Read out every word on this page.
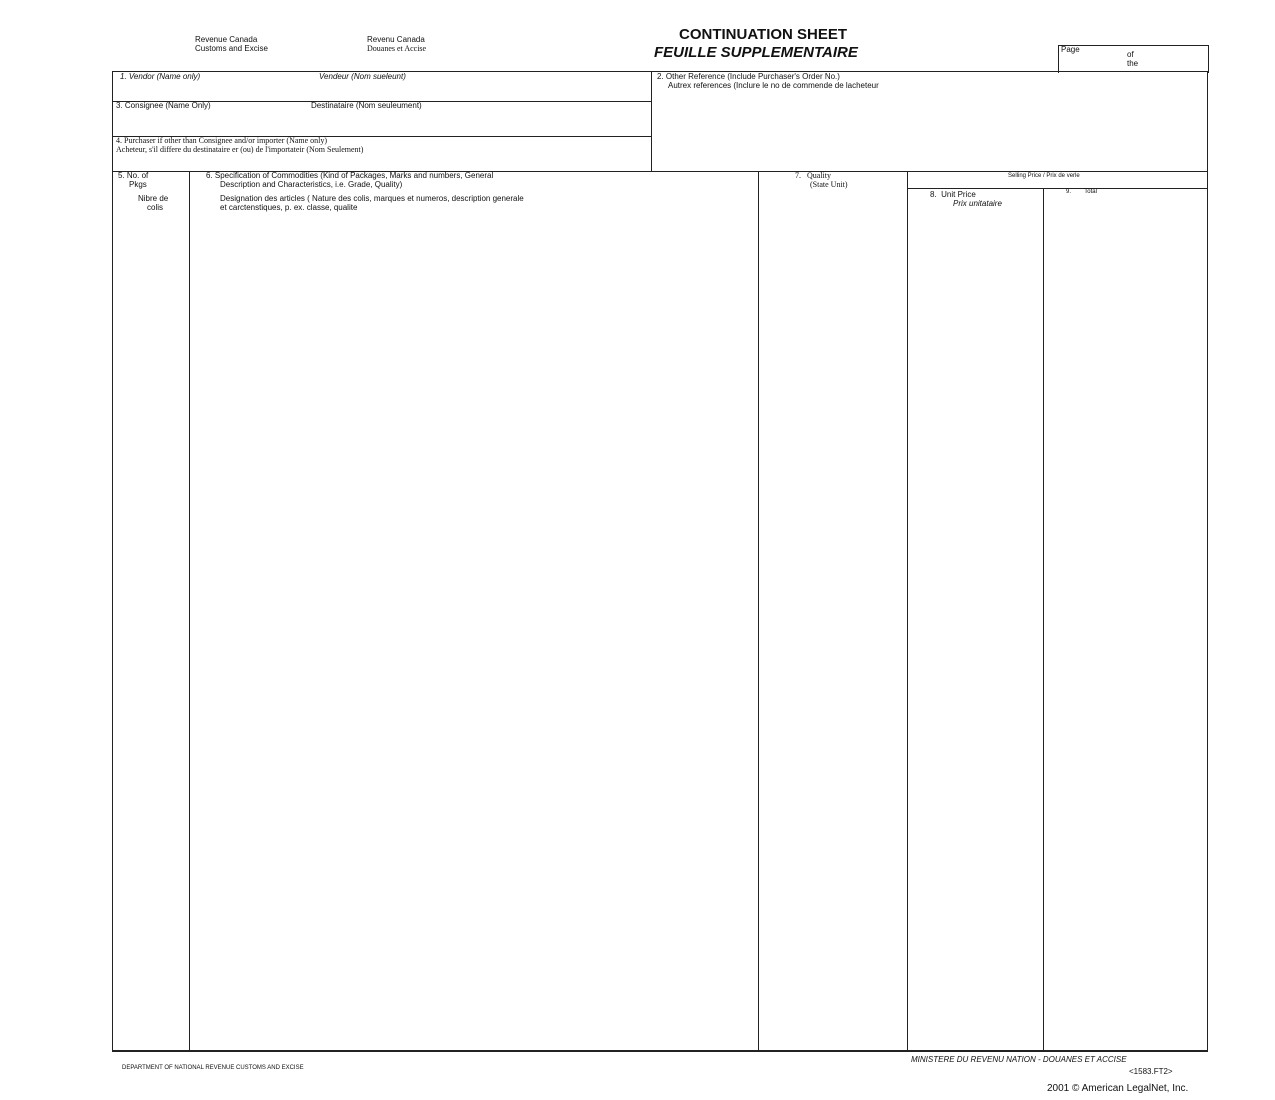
Revenue Canada
Customs and Excise
Revenu Canada
Douanes et Accise
CONTINUATION SHEET
FEUILLE SUPPLEMENTAIRE	Page
of
the
1. Vendor (Name only)	Vendeur (Nom sueleunt)
3. Consignee (Name Only)	Destinataire (Nom seuleument)
4. Purchaser if other than Consignee and/or importer (Name only)
Acheteur, s'il differe du destinataire er (ou) de l'importateir (Nom Seulement)
2. Other Reference (Include Purchaser's Order No.)
Autrex references (Inclure le no de commende de lacheteur
5. No. of
Pkgs
Nibre de
colis
6. Specification of Commodities (Kind of Packages, Marks and numbers, General
Description and Characteristics, i.e. Grade, Quality)
Designation des articles ( Nature des colis, marques et numeros, description generale
et carctenstiques, p. ex. classe, qualite
7.   Quality
(State Unit)
Selling Price / Prix de verle
8.  Unit Price
Prix unitataire
9.        Total
DEPARTMENT OF NATIONAL REVENUE CUSTOMS AND EXCISE
MINISTERE DU REVENU NATION - DOUANES ET ACCISE
<1583.FT2>
2001 © American LegalNet, Inc.
